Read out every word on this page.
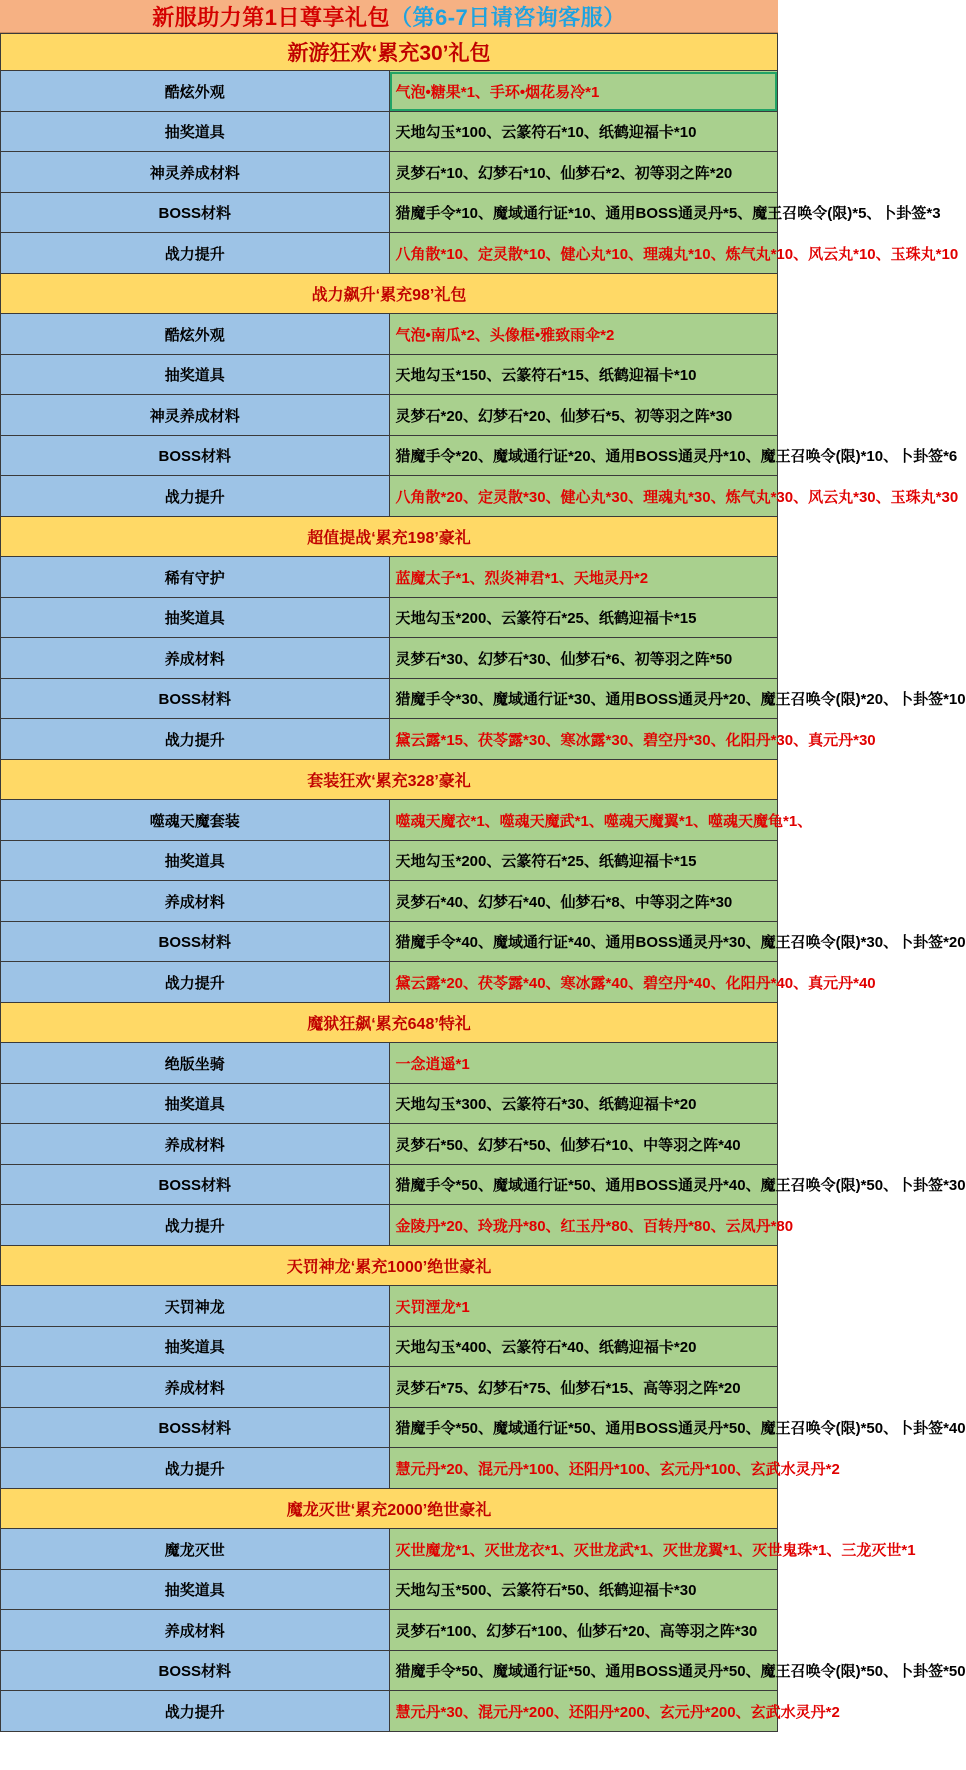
新服助力第1日尊享礼包 （第6-7日请咨询客服）
新游狂欢‘累充30’礼包	
酷炫外观	气泡•糖果*1、手环•烟花易冷*1
抽奖道具	天地勾玉*100、云篆符石*10、纸鹤迎福卡*10
神灵养成材料	灵梦石*10、幻梦石*10、仙梦石*2、初等羽之阵*20
BOSS材料	猎魔手令*10、魔域通行证*10、通用BOSS通灵丹*5、魔王召唤令(限)*5、卜卦签*3
战力提升	八角散*10、定灵散*10、健心丸*10、理魂丸*10、炼气丸*10、风云丸*10、玉珠丸*10
战力飙升‘累充98’礼包	
酷炫外观	气泡•南瓜*2、头像框•雅致雨伞*2
抽奖道具	天地勾玉*150、云篆符石*15、纸鹤迎福卡*10
神灵养成材料	灵梦石*20、幻梦石*20、仙梦石*5、初等羽之阵*30
BOSS材料	猎魔手令*20、魔域通行证*20、通用BOSS通灵丹*10、魔王召唤令(限)*10、卜卦签*6
战力提升	八角散*20、定灵散*30、健心丸*30、理魂丸*30、炼气丸*30、风云丸*30、玉珠丸*30
超值提战‘累充198’豪礼	
稀有守护	蓝魔太子*1、烈炎神君*1、天地灵丹*2
抽奖道具	天地勾玉*200、云篆符石*25、纸鹤迎福卡*15
养成材料	灵梦石*30、幻梦石*30、仙梦石*6、初等羽之阵*50
BOSS材料	猎魔手令*30、魔域通行证*30、通用BOSS通灵丹*20、魔王召唤令(限)*20、卜卦签*10
战力提升	黛云露*15、茯苓露*30、寒冰露*30、碧空丹*30、化阳丹*30、真元丹*30
套装狂欢‘累充328’豪礼	
噬魂天魔套装	噬魂天魔衣*1、噬魂天魔武*1、噬魂天魔翼*1、噬魂天魔龟*1、
抽奖道具	天地勾玉*200、云篆符石*25、纸鹤迎福卡*15
养成材料	灵梦石*40、幻梦石*40、仙梦石*8、中等羽之阵*30
BOSS材料	猎魔手令*40、魔域通行证*40、通用BOSS通灵丹*30、魔王召唤令(限)*30、卜卦签*20
战力提升	黛云露*20、茯苓露*40、寒冰露*40、碧空丹*40、化阳丹*40、真元丹*40
魔狱狂飙‘累充648’特礼	
绝版坐骑	一念逍遥*1
抽奖道具	天地勾玉*300、云篆符石*30、纸鹤迎福卡*20
养成材料	灵梦石*50、幻梦石*50、仙梦石*10、中等羽之阵*40
BOSS材料	猎魔手令*50、魔域通行证*50、通用BOSS通灵丹*40、魔王召唤令(限)*50、卜卦签*30
战力提升	金陵丹*20、玲珑丹*80、红玉丹*80、百转丹*80、云凤丹*80
天罚神龙‘累充1000’绝世豪礼	
天罚神龙	天罚湮龙*1
抽奖道具	天地勾玉*400、云篆符石*40、纸鹤迎福卡*20
养成材料	灵梦石*75、幻梦石*75、仙梦石*15、高等羽之阵*20
BOSS材料	猎魔手令*50、魔域通行证*50、通用BOSS通灵丹*50、魔王召唤令(限)*50、卜卦签*40
战力提升	慧元丹*20、混元丹*100、还阳丹*100、玄元丹*100、玄武水灵丹*2
魔龙灭世‘累充2000’绝世豪礼	
魔龙灭世	灭世魔龙*1、灭世龙衣*1、灭世龙武*1、灭世龙翼*1、灭世鬼珠*1、三龙灭世*1
抽奖道具	天地勾玉*500、云篆符石*50、纸鹤迎福卡*30
养成材料	灵梦石*100、幻梦石*100、仙梦石*20、高等羽之阵*30
BOSS材料	猎魔手令*50、魔域通行证*50、通用BOSS通灵丹*50、魔王召唤令(限)*50、卜卦签*50
战力提升	慧元丹*30、混元丹*200、还阳丹*200、玄元丹*200、玄武水灵丹*2
